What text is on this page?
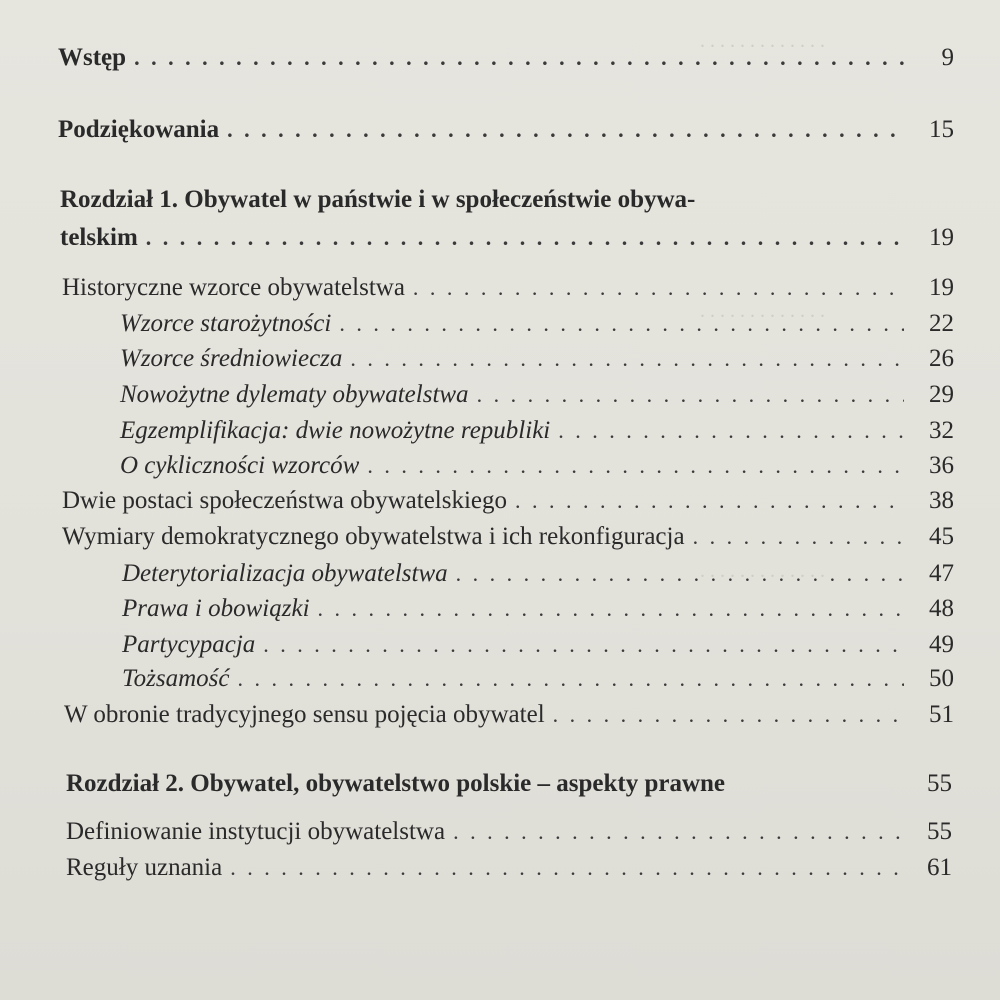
. . . . . . . . . . . . .
. . . . . . . . . . . . .
. . . . . . . . . . . . .
Wstęp . . .	9
Podziękowania . . .	15
Rozdział 1. Obywatel w państwie i w społeczeństwie obywa-
telskim . . .	19
Historyczne wzorce obywatelstwa . . .	19
Wzorce starożytności . . .	22
Wzorce średniowiecza . . .	26
Nowożytne dylematy obywatelstwa . . .	29
Egzemplifikacja: dwie nowożytne republiki . . .	32
O cykliczności wzorców . . .	36
Dwie postaci społeczeństwa obywatelskiego . . .	38
Wymiary demokratycznego obywatelstwa i ich rekonfiguracja . . .	45
Deterytorializacja obywatelstwa . . .	47
Prawa i obowiązki . . .	48
Partycypacja . . .	49
Tożsamość . . .	50
W obronie tradycyjnego sensu pojęcia obywatel . . .	51
Rozdział 2. Obywatel, obywatelstwo polskie – aspekty prawne	55
Definiowanie instytucji obywatelstwa . . .	55
Reguły uznania . . .	61
